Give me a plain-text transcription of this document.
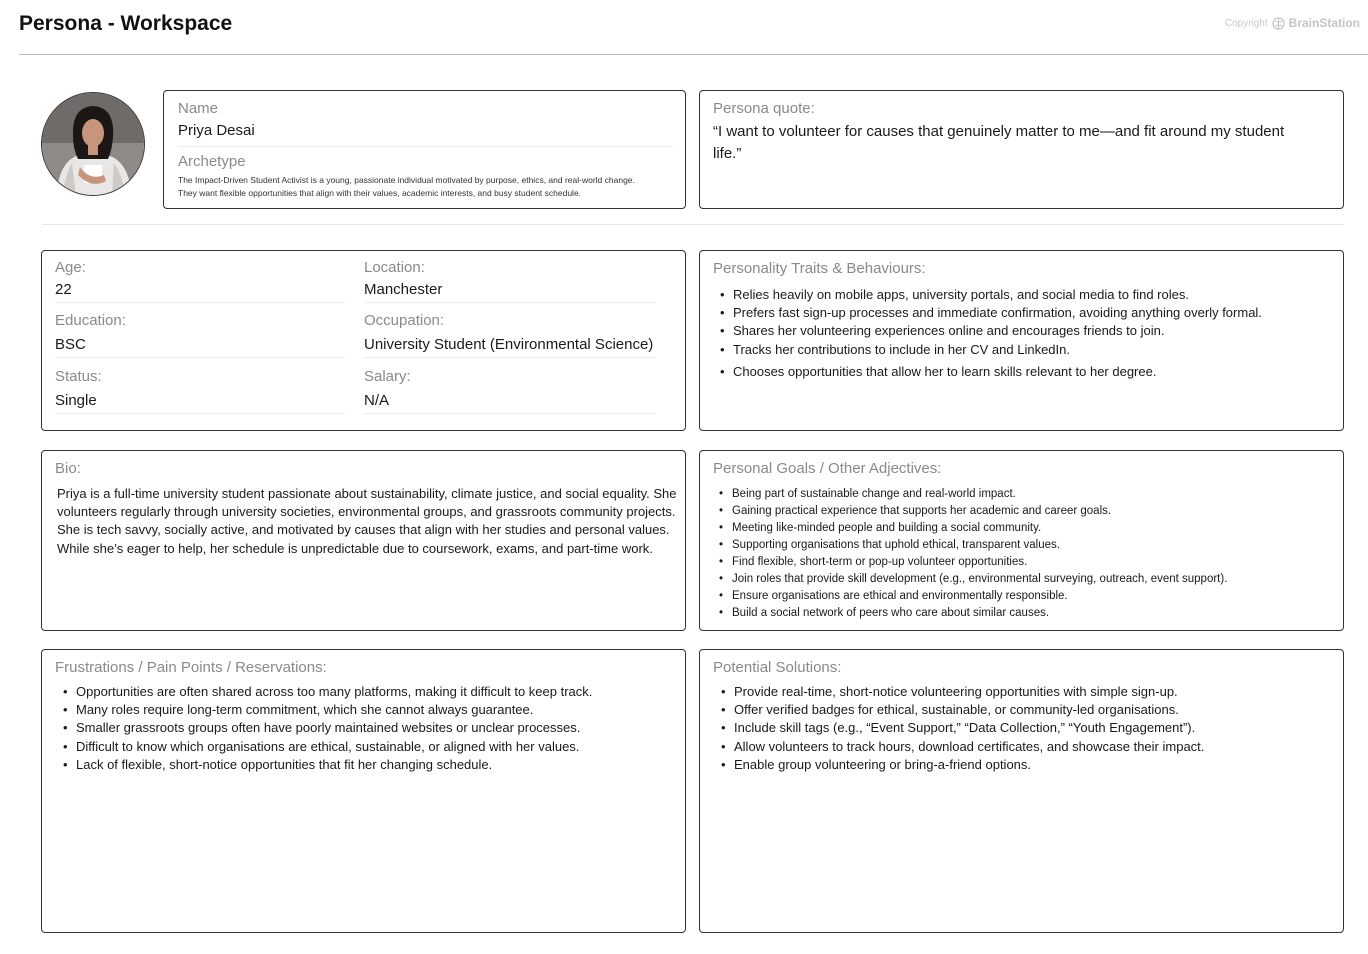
Persona - Workspace	Copyright BrainStation
Name
Priya Desai
Archetype
The Impact-Driven Student Activist is a young, passionate individual motivated by purpose, ethics, and real-world change.
They want flexible opportunities that align with their values, academic interests, and busy student schedule.
Persona quote:
“I want to volunteer for causes that genuinely matter to me—and fit around my student life.”
Age:
22
Location:
Manchester
Education:
BSC
Occupation:
University Student (Environmental Science)
Status:
Single
Salary:
N/A
Personality Traits & Behaviours:
• Relies heavily on mobile apps, university portals, and social media to find roles.
• Prefers fast sign-up processes and immediate confirmation, avoiding anything overly formal.
• Shares her volunteering experiences online and encourages friends to join.
• Tracks her contributions to include in her CV and LinkedIn.
• Chooses opportunities that allow her to learn skills relevant to her degree.
Bio:
Priya is a full-time university student passionate about sustainability, climate justice, and social equality. She volunteers regularly through university societies, environmental groups, and grassroots community projects. She is tech savvy, socially active, and motivated by causes that align with her studies and personal values. While she’s eager to help, her schedule is unpredictable due to coursework, exams, and part-time work.
Personal Goals / Other Adjectives:
• Being part of sustainable change and real-world impact.
• Gaining practical experience that supports her academic and career goals.
• Meeting like-minded people and building a social community.
• Supporting organisations that uphold ethical, transparent values.
• Find flexible, short-term or pop-up volunteer opportunities.
• Join roles that provide skill development (e.g., environmental surveying, outreach, event support).
• Ensure organisations are ethical and environmentally responsible.
• Build a social network of peers who care about similar causes.
Frustrations / Pain Points / Reservations:
• Opportunities are often shared across too many platforms, making it difficult to keep track.
• Many roles require long-term commitment, which she cannot always guarantee.
• Smaller grassroots groups often have poorly maintained websites or unclear processes.
• Difficult to know which organisations are ethical, sustainable, or aligned with her values.
• Lack of flexible, short-notice opportunities that fit her changing schedule.
Potential Solutions:
• Provide real-time, short-notice volunteering opportunities with simple sign-up.
• Offer verified badges for ethical, sustainable, or community-led organisations.
• Include skill tags (e.g., “Event Support,” “Data Collection,” “Youth Engagement”).
• Allow volunteers to track hours, download certificates, and showcase their impact.
• Enable group volunteering or bring-a-friend options.
